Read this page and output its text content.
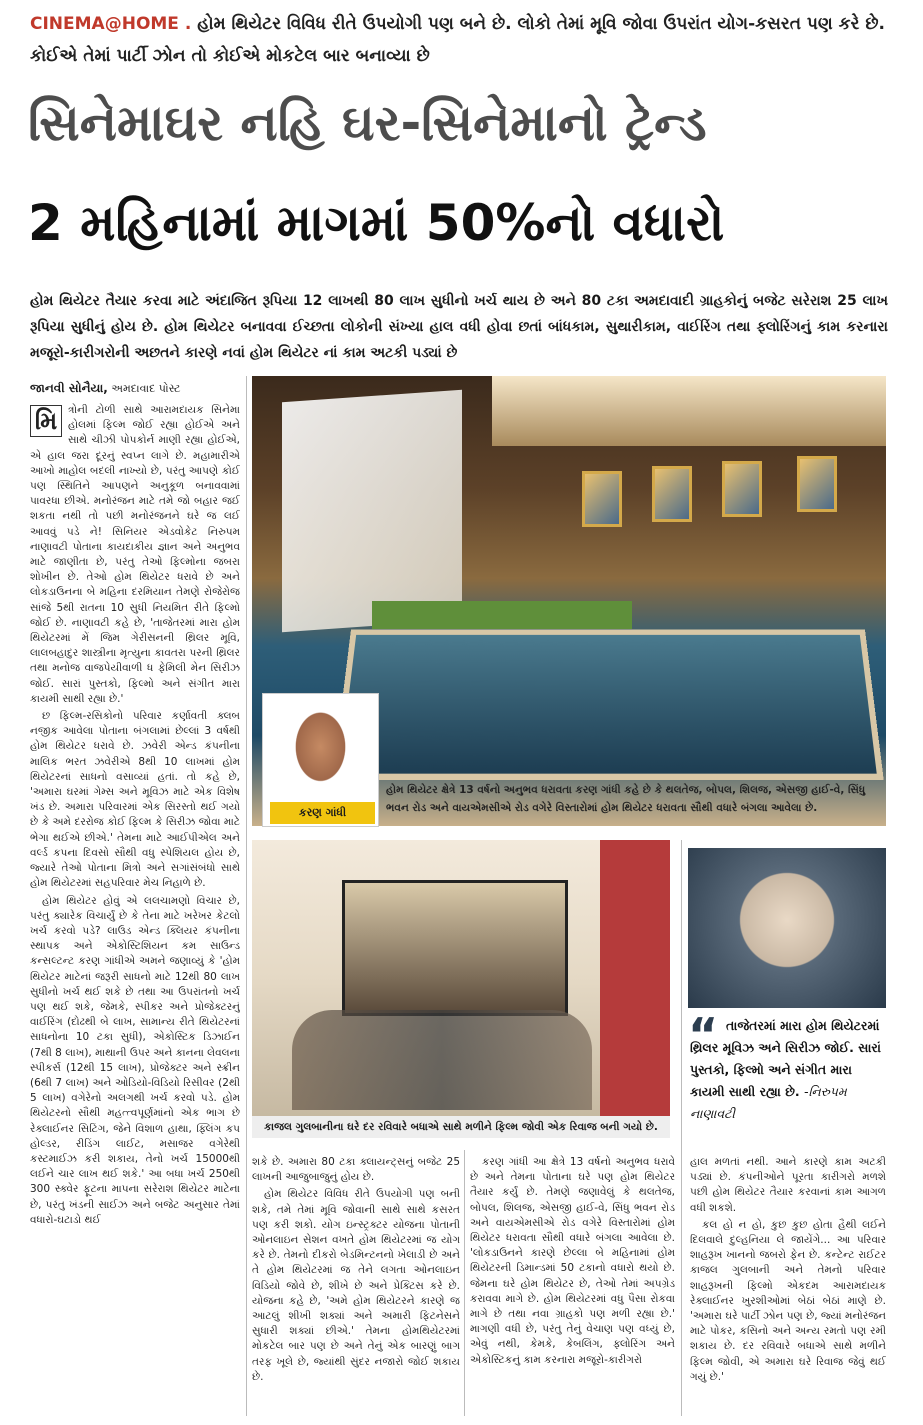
CINEMA@HOME . હોમ થિયેટર વિવિધ રીતે ઉપયોગી પણ બને છે. લોકો તેમાં મૂવિ જોવા ઉપરાંત યોગ-કસરત પણ કરે છે. કોઈએ તેમાં પાર્ટી ઝોન તો કોઈએ મોકટેલ બાર બનાવ્યા છે
સિનેમાઘર નહિ ઘર-સિનેમાનો ટ્રેન્ડ
2 મહિનામાં માગમાં 50%નો વધારો
હોમ થિયેટર તૈયાર કરવા માટે અંદાજિત રૂપિયા 12 લાખથી 80 લાખ સુધીનો ખર્ચ થાય છે અને 80 ટકા અમદાવાદી ગ્રાહકોનું બજેટ સરેરાશ 25 લાખ રૂપિયા સુધીનું હોય છે. હોમ થિયેટર બનાવવા ઈચ્છતા લોકોની સંખ્યા હાલ વધી હોવા છતાં બાંધકામ, સુથારીકામ, વાઈરિંગ તથા ફ્લોરિંગનું કામ કરનારા મજૂરો-કારીગરોની અછતને કારણે નવાં હોમ થિયેટર નાં કામ અટકી પડ્યાં છે
જાનવી સોનૈયા, અમદાવાદ પોસ્ટ
મિ	ત્રોની ટોળી સાથે આરામદાયક સિનેમા હોલમાં ફિલ્મ જોઈ રહ્યા હોઈએ અને સાથે ચીઝી પોપકોર્ન માણી રહ્યા હોઈએ, એ હાલ જરા દૂરનું સ્વપ્ન લાગે છે. મહામારીએ આખો માહોલ બદલી નાખ્યો છે, પરંતુ આપણે કોઈ પણ સ્થિતિને આપણને અનુકૂળ બનાવવામાં પાવરધા છીએ. મનોરંજન માટે તમે જો બહાર જઈ શકતા નથી તો પછી મનોરંજનને ઘરે જ લઈ આવવું પડે ને! સિનિયર એડવોકેટ નિરુપમ નાણાવટી પોતાના કાયદાકીય જ્ઞાન અને અનુભવ માટે જાણીતા છે, પરંતુ તેઓ ફિલ્મોના જબરા શોખીન છે. તેઓ હોમ થિયેટર ધરાવે છે અને લોકડાઉનના બે મહિના દરમિયાન તેમણે રોજેરોજ સાંજે 5થી રાતના 10 સુધી નિયમિત રીતે ફિલ્મો જોઈ છે. નાણાવટી કહે છે, 'તાજેતરમાં મારા હોમ થિયેટરમાં મેં જિમ ગેરીસનની થ્રિલર મૂવિ, લાલબહાદુર શાસ્ત્રીના મૃત્યુના કાવતરા પરની થ્રિલર તથા મનોજ વાજપેયીવાળી ધ ફેમિલી મેન સિરીઝ જોઈ. સારાં પુસ્તકો, ફિલ્મો અને સંગીત મારા કાયમી સાથી રહ્યા છે.'

છ ફિલ્મ-રસિકોનો પરિવાર કર્ણાવતી ક્લબ નજીક આવેલા પોતાના બંગલામાં છેલ્લાં 3 વર્ષથી હોમ થિયેટર ધરાવે છે. ઝવેરી એન્ડ કંપનીના માલિક ભરત ઝવેરીએ 8થી 10 લાખમાં હોમ થિયેટરનાં સાધનો વસાવ્યાં હતાં. તો કહે છે, 'અમારા ઘરમાં ગેમ્સ અને મૂવિઝ માટે એક વિશેષ ખંડ છે. અમારા પરિવારમાં એક સિરસ્તો થઈ ગયો છે કે અમે દરરોજ કોઈ ફિલ્મ કે સિરીઝ જોવા માટે ભેગા થઈએ છીએ.' તેમના માટે આઈપીએલ અને વર્લ્ડ કપના દિવસો સૌથી વધુ સ્પેશિયલ હોય છે, જ્યારે તેઓ પોતાના મિત્રો અને સગાંસંબંધો સાથે હોમ થિયેટરમાં સહપરિવાર મેચ નિહાળે છે.

હોમ થિયેટર હોવું એ લલચામણો વિચાર છે, પરંતુ ક્યારેક વિચાર્યું છે કે તેના માટે ખરેખર કેટલો ખર્ચ કરવો પડે? લાઉડ એન્ડ ક્લિયર કંપનીના સ્થાપક અને એકોસ્ટિશિયન કમ સાઉન્ડ કન્સલ્ટન્ટ કરણ ગાંધીએ અમને જણાવ્યું કે 'હોમ થિયેટર માટેનાં જરૂરી સાધનો માટે 12થી 80 લાખ સુધીનો ખર્ચ થઈ શકે છે તથા આ ઉપરાંતનો ખર્ચ પણ થઈ શકે, જેમકે, સ્પીકર અને પ્રોજેક્ટરનું વાઈરિંગ (દોઢથી બે લાખ, સામાન્ય રીતે થિયેટરનાં સાધનોના 10 ટકા સુધી), એકોસ્ટિક ડિઝાઈન (7થી 8 લાખ), માથાની ઉપર અને કાનના લેવલના સ્પીકર્સ (12થી 15 લાખ), પ્રોજેક્ટર અને સ્ક્રીન (6થી 7 લાખ) અને ઓડિયો-વિડિયો રિસીવર (2થી 5 લાખ) વગેરેનો અલગથી ખર્ચ કરવો પડે. હોમ થિયેટરનો સૌથી મહત્ત્વપૂર્ણમાંનો એક ભાગ છે રેક્લાઈનર સિટિંગ, જેને વિશાળ હાથા, ફ્લિંગ કપ હોલ્ડર, રીડિંગ લાઈટ, મસાજર વગેરેથી કસ્ટમાઈઝ કરી શકાય, તેનો ખર્ચ 15000થી લઈને ચાર લાખ થઈ શકે.' આ બધા ખર્ચ 250થી 300 સ્ક્વેર ફૂટના માપના સરેરાશ થિયેટર માટેના છે, પરંતુ ખંડની સાઈઝ અને બજેટ અનુસાર તેમાં વધારો-ઘટાડો થઈ

કરણ ગાંધી
હોમ થિયેટર ક્ષેત્રે 13 વર્ષનો અનુભવ ધરાવતા કરણ ગાંધી કહે છે કે થલતેજ, બોપલ, શિલજ, એસજી હાઈ-વે, સિંધુ ભવન રોડ અને વાયએમસીએ રોડ વગેરે વિસ્તારોમાં હોમ થિયેટર ધરાવતા સૌથી વધારે બંગલા આવેલા છે.
કાજલ ગુલબાનીના ઘરે દર રવિવારે બધાએ સાથે મળીને ફિલ્મ જોવી એક રિવાજ બની ગયો છે.
“ તાજેતરમાં મારા હોમ થિયેટરમાં થ્રિલર મૂવિઝ અને સિરીઝ જોઈ. સારાં પુસ્તકો, ફિલ્મો અને સંગીત મારા કાયમી સાથી રહ્યા છે. -નિરુપમ નાણાવટી

શકે છે. અમારા 80 ટકા ક્લાયન્ટ્સનું બજેટ 25 લાખની આજુબાજુનું હોય છે.

હોમ થિયેટર વિવિધ રીતે ઉપયોગી પણ બની શકે, તમે તેમાં મૂવિ જોવાની સાથે સાથે કસરત પણ કરી શકો. યોગ ઇન્સ્ટ્રક્ટર યોજના પોતાની ઓનલાઇન સેશન વખતે હોમ થિયેટરમાં જ યોગ કરે છે. તેમનો દીકરો બેડમિન્ટનનો ખેલાડી છે અને તે હોમ થિયેટરમાં જ તેને લગતા ઓનલાઇન વિડિયો જોવે છે, શીખે છે અને પ્રેક્ટિસ કરે છે. યોજના કહે છે, 'અમે હોમ થિયેટરને કારણે જ આટલું શીખી શક્યાં અને અમારી ફિટનેસને સુધારી શક્યાં છીએ.' તેમના હોમથિયેટરમાં મોકટેલ બાર પણ છે અને તેનું એક બારણું બાગ તરફ ખૂલે છે, જ્યાંથી સુંદર નજારો જોઈ શકાય છે.

કરણ ગાંધી આ ક્ષેત્રે 13 વર્ષનો અનુભવ ધરાવે છે અને તેમના પોતાના ઘરે પણ હોમ થિયેટર તૈયાર કર્યું છે. તેમણે જણાવેલું કે થલતેજ, બોપલ, શિલજ, એસજી હાઈ-વે, સિંધુ ભવન રોડ અને વાયએમસીએ રોડ વગેરે વિસ્તારોમાં હોમ થિયેટર ધરાવતા સૌથી વધારે બંગલા આવેલા છે. 'લોકડાઉનને કારણે છેલ્લા બે મહિનામાં હોમ થિયેટરની ડિમાન્ડમાં 50 ટકાનો વધારો થયો છે. જેમના ઘરે હોમ થિયેટર છે, તેઓ તેમાં અપગ્રેડ કરાવવા માગે છે. હોમ થિયેટરમાં વધુ પૈસા રોકવા માગે છે તથા નવા ગ્રાહકો પણ મળી રહ્યા છે.' માગણી વધી છે, પરંતુ તેનું વેચાણ પણ વધ્યું છે, એવું નથી, કેમકે, કેબલિંગ, ફ્લોરિંગ અને એકોસ્ટિકનું કામ કરનારા મજૂરો-કારીગરો

હાલ મળતાં નથી. આને કારણે કામ અટકી પડ્યાં છે. કંપનીઓને પૂરતા કારીગરો મળશે પછી હોમ થિયેટર તૈયાર કરવાનાં કામ આગળ વધી શકશે.

કલ હો ન હો, કુછ કુછ હોતા હૈથી લઈને દિલવાલે દુલ્હનિયા લે જાયેંગે... આ પરિવાર શાહરૂખ ખાનનો જબરો ફેન છે. કન્ટેન્ટ રાઈટર કાજલ ગુલબાની અને તેમનો પરિવાર શાહરૂખની ફિલ્મો એકદમ આરામદાયક રેક્લાઈનર ખુરશીઓમાં બેઠાં બેઠાં માણે છે. 'અમારા ઘરે પાર્ટી ઝોન પણ છે, જ્યાં મનોરંજન માટે પોકર, કસિનો અને અન્ય રમતો પણ રમી શકાય છે. દર રવિવારે બધાએ સાથે મળીને ફિલ્મ જોવી, એ અમારા ઘરે રિવાજ જેવું થઈ ગયું છે.'
